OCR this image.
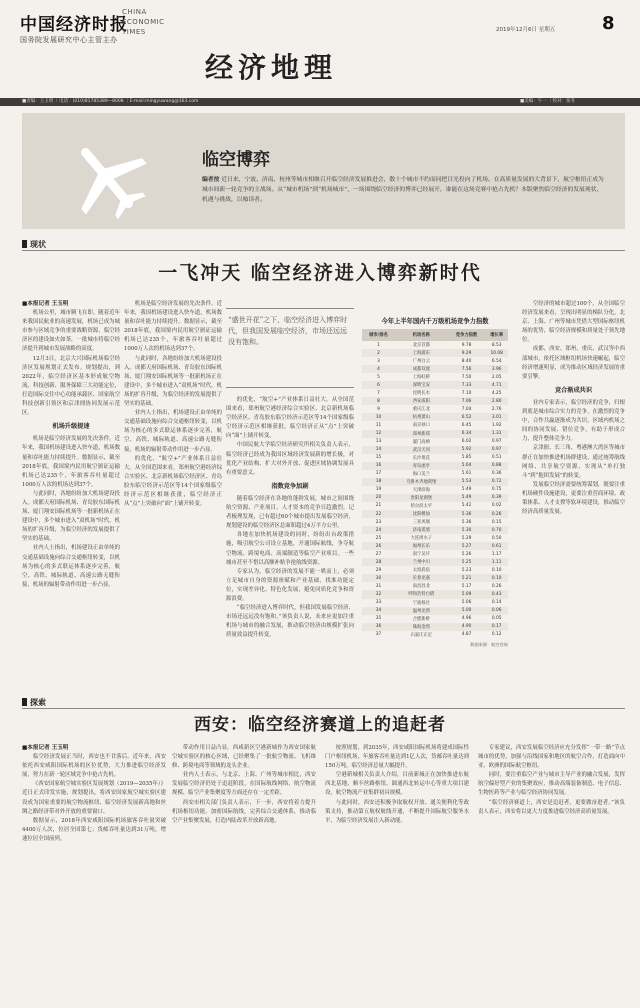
中国经济时报
国务院发展研究中心主管主办
CHINA
ECONOMIC
TIMES	2019年12月6日 星期五	8
经济地理
■责编：王玉明 ｜电话：(010)81785389—8008 ｜E-mail:mingyuwang@163.com	■美编：午一 ｜校对：张冬
临空博弈
编者按 近日来，宁波、济南、杭州等城市相继召开临空经济发展推进会，数十个城市不约而同把目光投向了机场。在高质量发展的大背景下，航空枢纽正成为城市间新一轮竞争的主战场。从“城市机场”到“机场城市”，一场围绕临空经济的博弈已经展开，谁能在这场竞赛中抢占先机？本版聚焦临空经济的发展现状、机遇与挑战，以飨读者。
现状
一飞冲天 临空经济进入博弈新时代

■本报记者 王玉明

机场公里，城市腾飞在即。随着近年来我国民航业的高速发展，机场已成为城市参与区域竞争的重要战略资源，临空经济区的建设如火如荼，一批城市将临空经济提升到城市发展战略的高度。

12月3日，北京大兴国际机场临空经济区发展规划正式发布。规划提出，到2022年，临空经济区基本形成航空物流、科技创新、服务保障三大功能定位，打造国际交往中心功能承载区、国家航空科技创新引领区和京津冊协同发展示范区。

机场升级提速

机场是临空经济发展的先决条件。近年来，我国机场建设进入快车道，机场数量和吞吐能力持续提升。数据显示，截至2018年底，我国境内民用航空颁证运输机场已达235个，年旅客吞吐量超过1000万人次的机场达到37个。

与此同时，各地纷纷加大机场建设投入。成都天府国际机场、青岛胶东国际机场、厦门翔安国际机场等一批新机场正在建设中，多个城市进入“双机场”时代。机场的扩容升级，为临空经济的发展提供了坚实的基础。

业内人士指出，机场建设正由单纯的交通基础设施向综合交通枢纽转变，以机场为核心的多式联运体系逐步完善，航空、高铁、城际轨道、高速公路无缝衔接，机场的辐射带动作用进一步凸显。

机场是临空经济发展的先决条件。近年来，我国机场建设进入快车道，机场数量和吞吐能力持续提升。数据显示，截至2018年底，我国境内民用航空颁证运输机场已达235个，年旅客吞吐量超过1000万人次的机场达到37个。

与此同时，各地纷纷加大机场建设投入。成都天府国际机场、青岛胶东国际机场、厦门翔安国际机场等一批新机场正在建设中，多个城市进入“双机场”时代。机场的扩容升级，为临空经济的发展提供了坚实的基础。

业内人士指出，机场建设正由单纯的交通基础设施向综合交通枢纽转变，以机场为核心的多式联运体系逐步完善，航空、高铁、城际轨道、高速公路无缝衔接，机场的辐射带动作用进一步凸显。

的优化，“航空+”产业体系日益壮大。从全国范围来看，郑州航空港经济综合实验区、北京新机场临空经济区、青岛胶东临空经济示范区等14个国家级临空经济示范区相继获批，临空经济正从“点”上突破向“面”上铺开转变。

“盛世开花”之下，临空经济进入博弈时代，但我国发展临空经济，市场还远远没有饱和。

的优化，“航空+”产业体系日益壮大。从全国范围来看，郑州航空港经济综合实验区、北京新机场临空经济区、青岛胶东临空经济示范区等14个国家级临空经济示范区相继获批，临空经济正从“点”上突破向“面”上铺开转变。

中国民航大学临空经济研究所相关负责人表示，临空经济已经成为我国区域经济发展新的增长极，对优化产业结构、扩大对外开放、促进区域协调发展具有重要意义。

指数竞争加剧

随着临空经济在各地的蓬勃发展，城市之间围绕航空资源、产业项目、人才资本的竞争日趋激烈。记者梳理发现，已有超过60个城市提出发展临空经济，规划建设的临空经济区总面积超过4万平方公里。

各地在加快机场建设的同时，纷纷出台政策措施，吸引航空公司设立基地，开通国际航线，争夺航空物流、跨境电商、高端制造等临空产业项目。一些城市甚至不惜以高额补贴争抢航线资源。

专家认为，临空经济的发展不能一哄而上，必须立足城市自身的资源禀赋和产业基础，找准功能定位，实现差异化、特色化发展，避免同质化竞争和资源浪费。

“临空经济进入博弈时代，但我国发展临空经济，市场还远远没有饱和。”该负责人说，未来应更加注重机场与城市的融合发展，推动临空经济由规模扩张向质量效益提升转变。

今年上半年国内千万级机场竞争力指数
城市/排名	机场名称	竞争力指数	增长率
1	北京首都	9.78	8.53
2	上海浦东	9.29	10.08
3	广州白云	8.40	6.54
4	成都双流	7.56	3.96
5	上海虹桥	7.50	2.05
6	深圳宝安	7.33	4.71
7	昆明长水	7.10	4.25
8	西安咸阳	7.06	2.80
9	重庆江北	7.04	2.76
10	杭州萧山	6.52	3.01
11	南京禄口	6.45	1.92
12	郑州新郑	6.34	1.31
13	厦门高崎	6.02	0.97
14	武汉天河	5.92	0.97
15	长沙黄花	5.85	0.51
16	青岛流亭	5.64	0.88
17	海口美兰	5.61	0.36
18	乌鲁木齐地窝堡	5.53	0.72
19	天津滨海	5.49	0.75
20	贵阳龙洞堡	5.49	0.39
21	哈尔滨太平	5.42	0.02
22	沈阳桃仙	5.36	0.26
23	三亚凤凰	5.36	0.15
24	济南遥墙	5.30	0.70
25	大连周水子	5.29	0.50
26	福州长乐	5.27	0.61
27	南宁吴圩	5.26	1.17
28	兰州中川	5.25	1.11
29	太原武宿	5.23	0.10
30	长春龙嘉	5.21	0.10
31	南昌昌北	5.17	0.26
32	呼和浩特白塔	5.09	0.43
33	宁波栎社	5.06	0.14
34	温州龙湾	5.00	0.06
35	合肥新桥	4.96	0.05
36	珠海金湾	4.90	0.17
37	石家庄正定	4.87	0.12
数据来源：航空咨询

空经济的城市超过100个，从全国临空经济发展来看，呈现出明显的梯队分化，北京、上海、广州等城市凭借大型国际枢纽机场的优势，临空经济规模和质量处于领先地位。

成都、西安、郑州、重庆、武汉等中西部城市，依托区域枢纽机场快速崛起，临空经济增速明显，成为推动区域经济发展的重要引擎。

竞合渐成共识

业内专家表示，临空经济的竞争，归根到底是城市综合实力的竞争。在激烈的竞争中，合作共赢逐渐成为共识。区域内机场之间的协同发展、错位竞争，有助于形成合力，提升整体竞争力。

京津冊、长三角、粤港澳大湾区等城市群正在加快推进机场群建设，通过统筹航线网络、共享航空资源，实现从“单打独斗”到“抱团发展”的转变。

发展临空经济需要统筹谋划，既要注重机场硬件设施建设，更要注重营商环境、政策体系、人才支撑等软环境建设，推动临空经济高质量发展。

探索
西安：临空经济赛道上的追赶者

■本报记者 王玉明

临空经济发展正当时，西安也不甘落后。近年来，西安依托西安咸阳国际机场的区位优势，大力推进临空经济发展，努力在新一轮区域竞争中抢占先机。

《西安国家航空城实验区发展规划（2019—2035年）》近日正式印发实施，规划提出，将西安国家航空城实验区建设成为国家重要的航空物流枢纽、临空经济发展新高地和丝绸之路经济带对外开放的重要窗口。

数据显示，2018年西安咸阳国际机场旅客吞吐量突破4400万人次，位居全国第七；货邮吞吐量达到31万吨，增速位居全国前列。

带动作用日益凸显。西咸新区空港新城作为西安国家航空城实验区的核心区域，已经聚集了一批航空物流、飞机维修、跨境电商等领域的龙头企业。

业内人士表示，与北京、上海、广州等城市相比，西安发展临空经济仍处于追赶阶段，在国际航线网络、航空物流规模、临空产业集聚度等方面还存在一定差距。

西安市相关部门负责人表示，下一步，西安将着力提升机场枢纽功能，加密国际航线，完善综合交通体系，推动临空产业集聚发展，打造内陆改革开放新高地。

按照规划，到2035年，西安咸阳国际机场将建成国际性门户枢纽机场，年旅客吞吐量达到1亿人次，货邮吞吐量达到150万吨，临空经济总量大幅提升。

空港新城相关负责人介绍，目前新城正在加快推进东航西北基地、顺丰丝路枢纽、圆通西北转运中心等重大项目建设，航空物流产业集群初具规模。

与此同时，西安还积极争取航权开放、通关便利化等政策支持，推动第五航权航线开通，不断提升国际航空服务水平，为临空经济发展注入新动能。

专家建议，西安发展临空经济应充分发挥“一带一路”节点城市的优势，加强与沿线国家和地区的航空合作，打造面向中亚、欧洲的国际航空枢纽。

同时，要注重临空产业与城市主导产业的融合发展，发挥航空偏好型产业的集聚效应，推动高端装备制造、电子信息、生物医药等产业与临空经济协同发展。

“临空经济赛道上，西安是追赶者，更要做奋进者。”该负责人表示，西安将以更大力度推进临空经济高质量发展。
